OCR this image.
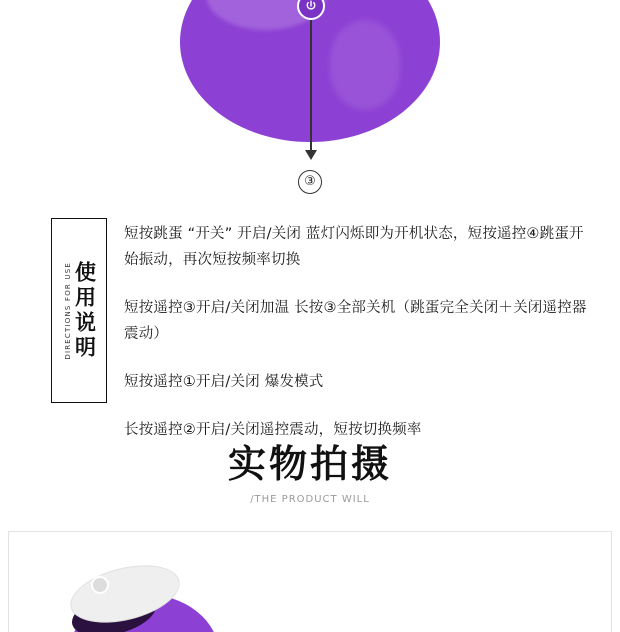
③
使用说明
DIRECTIONS FOR USE
短按跳蛋 “开关” 开启/关闭 蓝灯闪烁即为开机状态，短按遥控④跳蛋开始振动，再次短按频率切换
短按遥控③开启/关闭加温 长按③全部关机（跳蛋完全关闭＋关闭遥控器震动）
短按遥控①开启/关闭 爆发模式
长按遥控②开启/关闭遥控震动，短按切换频率
实物拍摄
/THE PRODUCT WILL
